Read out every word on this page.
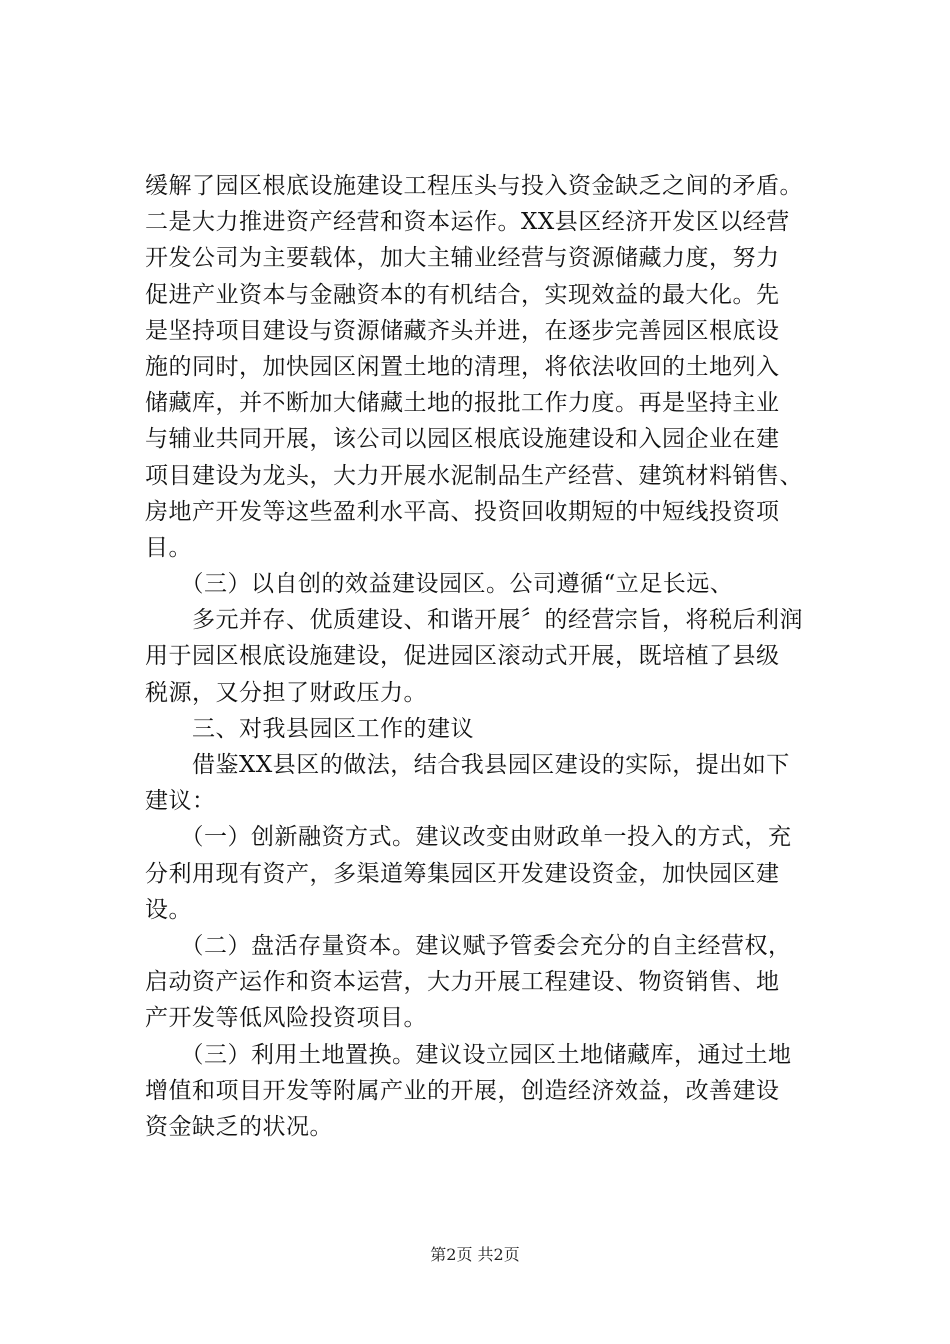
缓解了园区根底设施建设工程压头与投入资金缺乏之间的矛盾。
二是大力推进资产经营和资本运作。XX县区经济开发区以经营
开发公司为主要载体，加大主辅业经营与资源储藏力度，努力
促进产业资本与金融资本的有机结合，实现效益的最大化。先
是坚持项目建设与资源储藏齐头并进，在逐步完善园区根底设
施的同时，加快园区闲置土地的清理，将依法收回的土地列入
储藏库，并不断加大储藏土地的报批工作力度。再是坚持主业
与辅业共同开展，该公司以园区根底设施建设和入园企业在建
项目建设为龙头，大力开展水泥制品生产经营、建筑材料销售、
房地产开发等这些盈利水平高、投资回收期短的中短线投资项
目。
　　（三）以自创的效益建设园区。公司遵循“立足长远、
　　多元并存、优质建设、和谐开展〞的经营宗旨，将税后利润
用于园区根底设施建设，促进园区滚动式开展，既培植了县级
税源，又分担了财政压力。
　　三、对我县园区工作的建议
　　借鉴XX县区的做法，结合我县园区建设的实际，提出如下
建议：
　　（一）创新融资方式。建议改变由财政单一投入的方式，充
分利用现有资产，多渠道筹集园区开发建设资金，加快园区建
设。
　　（二）盘活存量资本。建议赋予管委会充分的自主经营权，
启动资产运作和资本运营，大力开展工程建设、物资销售、地
产开发等低风险投资项目。
　　（三）利用土地置换。建议设立园区土地储藏库，通过土地
增值和项目开发等附属产业的开展，创造经济效益，改善建设
资金缺乏的状况。
第2页 共2页
